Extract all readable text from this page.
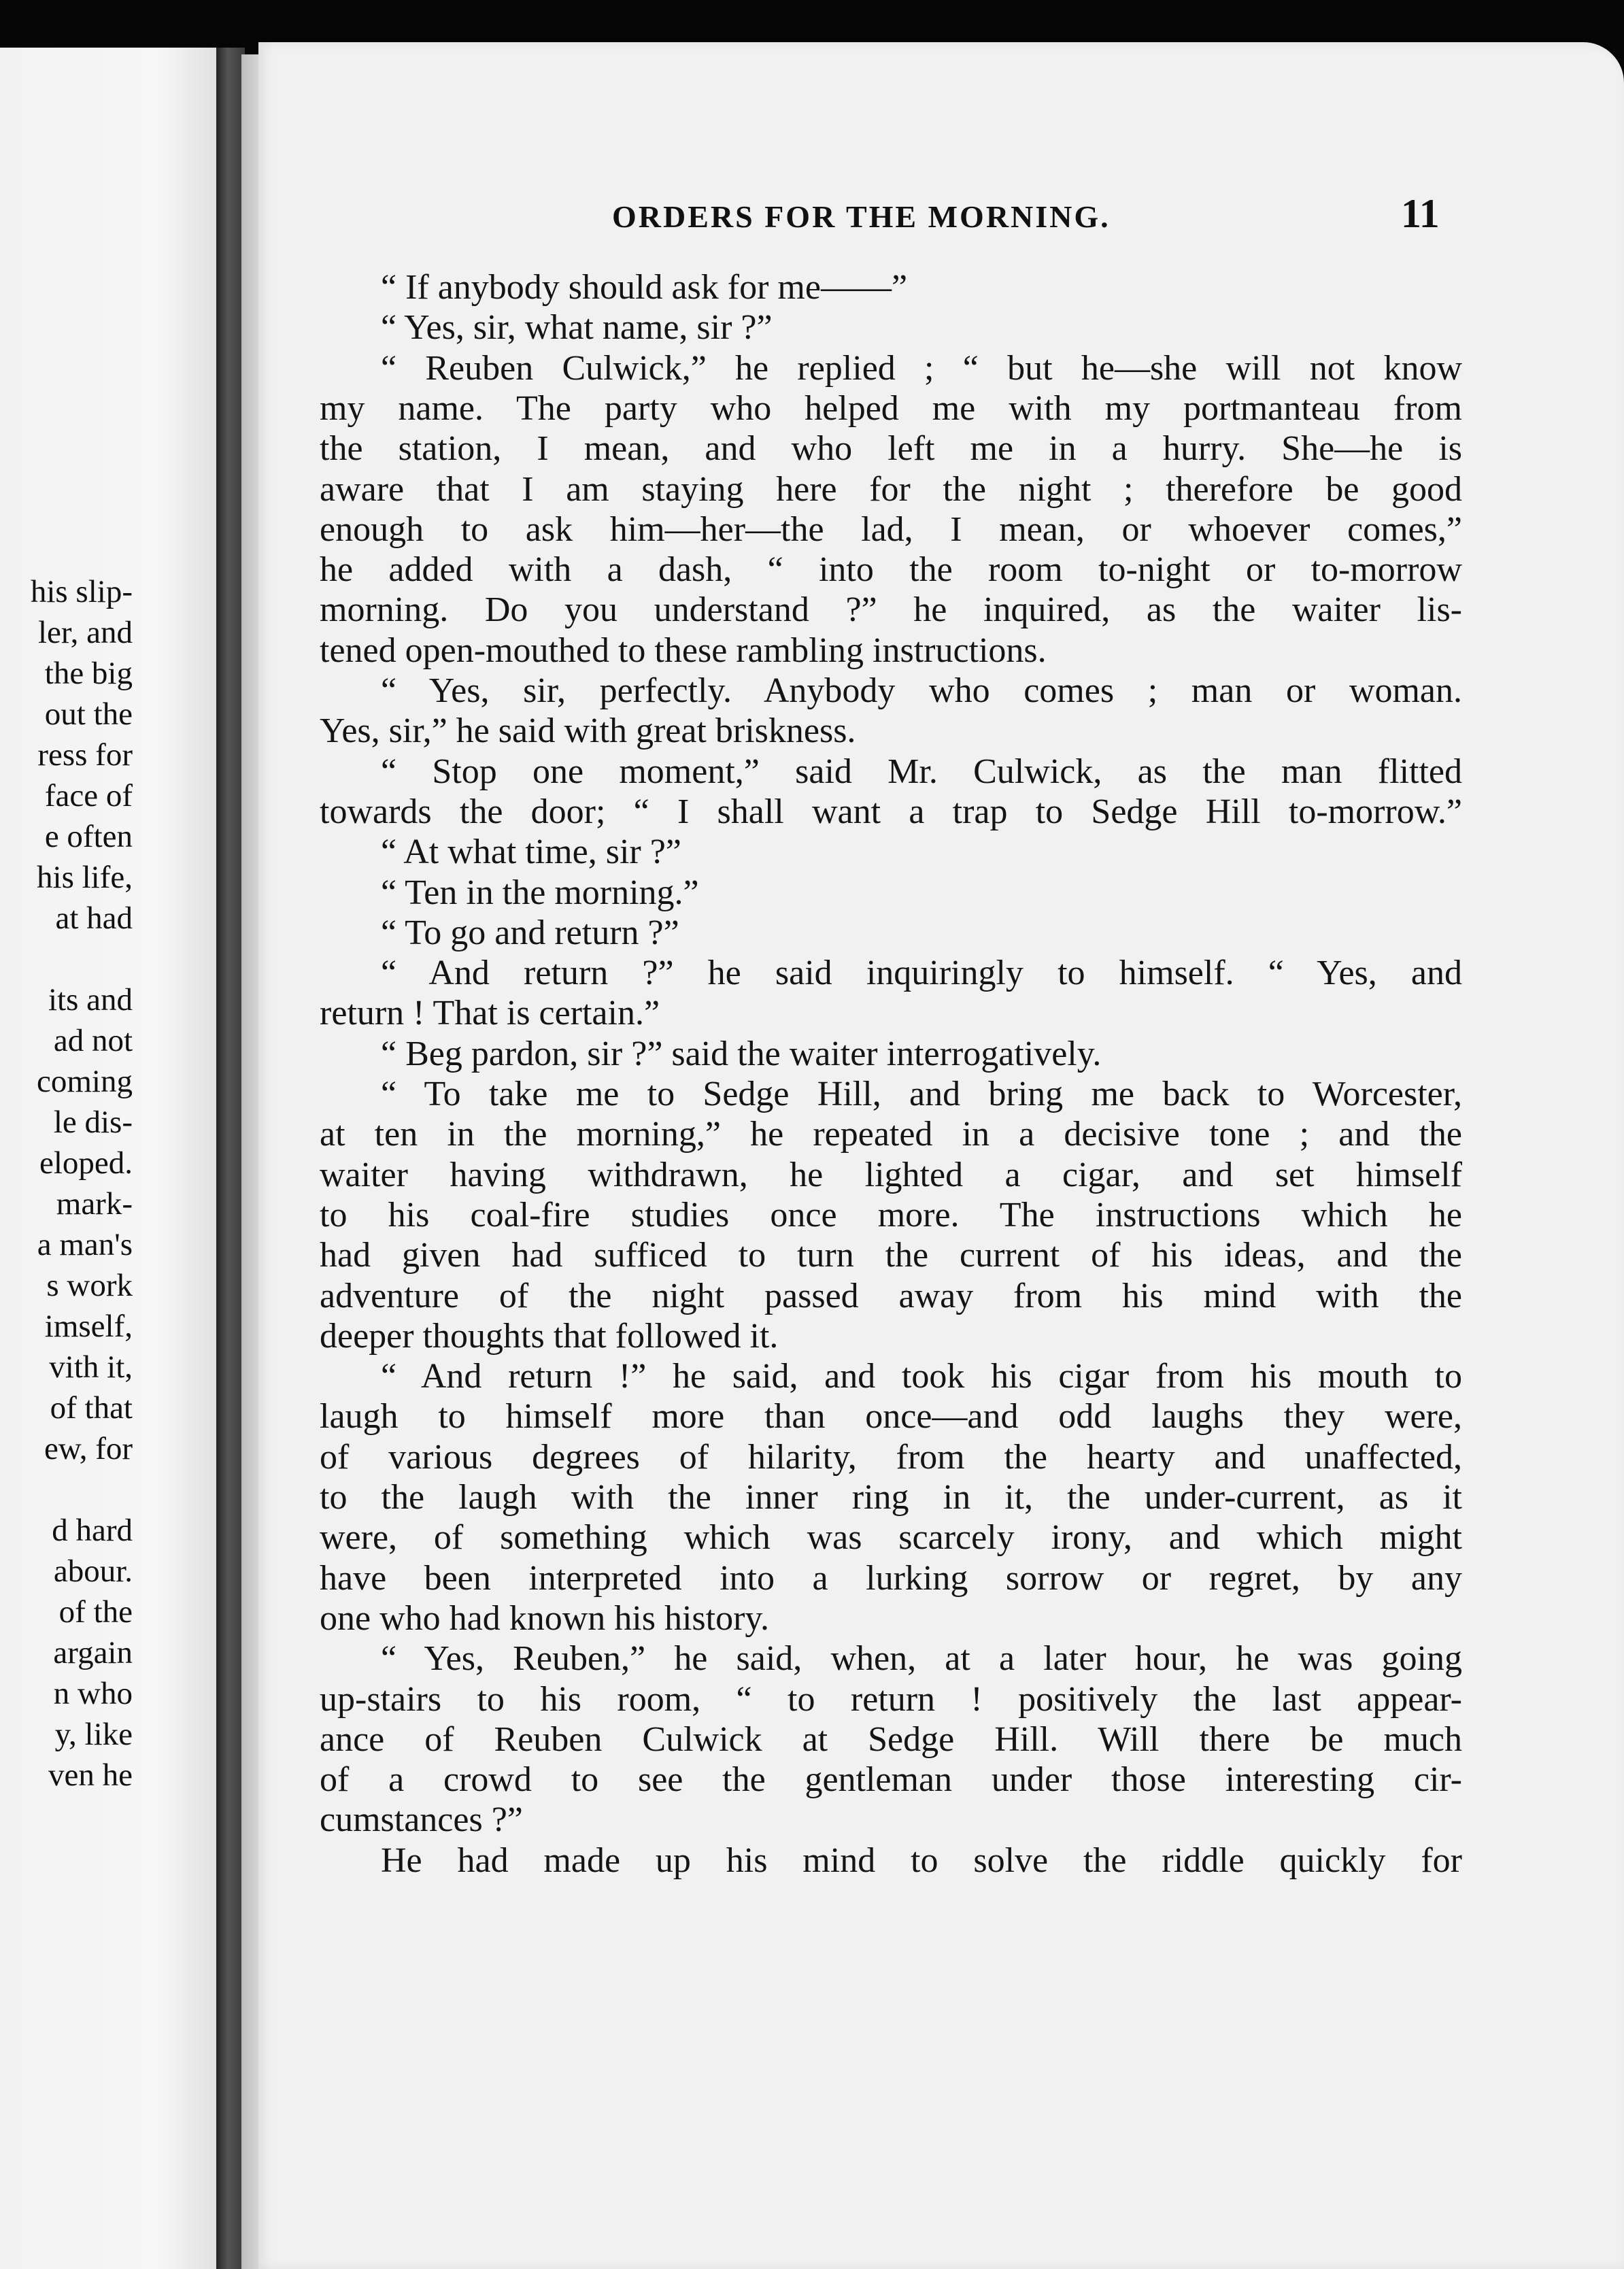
his slip-
ler, and
the big
out the
ress for
face of
e often
his life,
at had
its and
ad not
coming
le dis-
eloped.
mark-
a man's
s work
imself,
vith it,
of that
ew, for
d hard
abour.
of the
argain
n who
y, like
ven he
ORDERS FOR THE MORNING.	11
“ If anybody should ask for me——”
“ Yes, sir, what name, sir ?”
“ Reuben Culwick,” he replied ; “ but he—she will not know
my name. The party who helped me with my portmanteau from
the station, I mean, and who left me in a hurry. She—he is
aware that I am staying here for the night ; therefore be good
enough to ask him—her—the lad, I mean, or whoever comes,”
he added with a dash, “ into the room to-night or to-morrow
morning. Do you understand ?” he inquired, as the waiter lis-
tened open-mouthed to these rambling instructions.
“ Yes, sir, perfectly. Anybody who comes ; man or woman.
Yes, sir,” he said with great briskness.
“ Stop one moment,” said Mr. Culwick, as the man flitted
towards the door; “ I shall want a trap to Sedge Hill to-morrow.”
“ At what time, sir ?”
“ Ten in the morning.”
“ To go and return ?”
“ And return ?” he said inquiringly to himself. “ Yes, and
return ! That is certain.”
“ Beg pardon, sir ?” said the waiter interrogatively.
“ To take me to Sedge Hill, and bring me back to Worcester,
at ten in the morning,” he repeated in a decisive tone ; and the
waiter having withdrawn, he lighted a cigar, and set himself
to his coal-fire studies once more. The instructions which he
had given had sufficed to turn the current of his ideas, and the
adventure of the night passed away from his mind with the
deeper thoughts that followed it.
“ And return !” he said, and took his cigar from his mouth to
laugh to himself more than once—and odd laughs they were,
of various degrees of hilarity, from the hearty and unaffected,
to the laugh with the inner ring in it, the under-current, as it
were, of something which was scarcely irony, and which might
have been interpreted into a lurking sorrow or regret, by any
one who had known his history.
“ Yes, Reuben,” he said, when, at a later hour, he was going
up-stairs to his room, “ to return ! positively the last appear-
ance of Reuben Culwick at Sedge Hill. Will there be much
of a crowd to see the gentleman under those interesting cir-
cumstances ?”
He had made up his mind to solve the riddle quickly for
